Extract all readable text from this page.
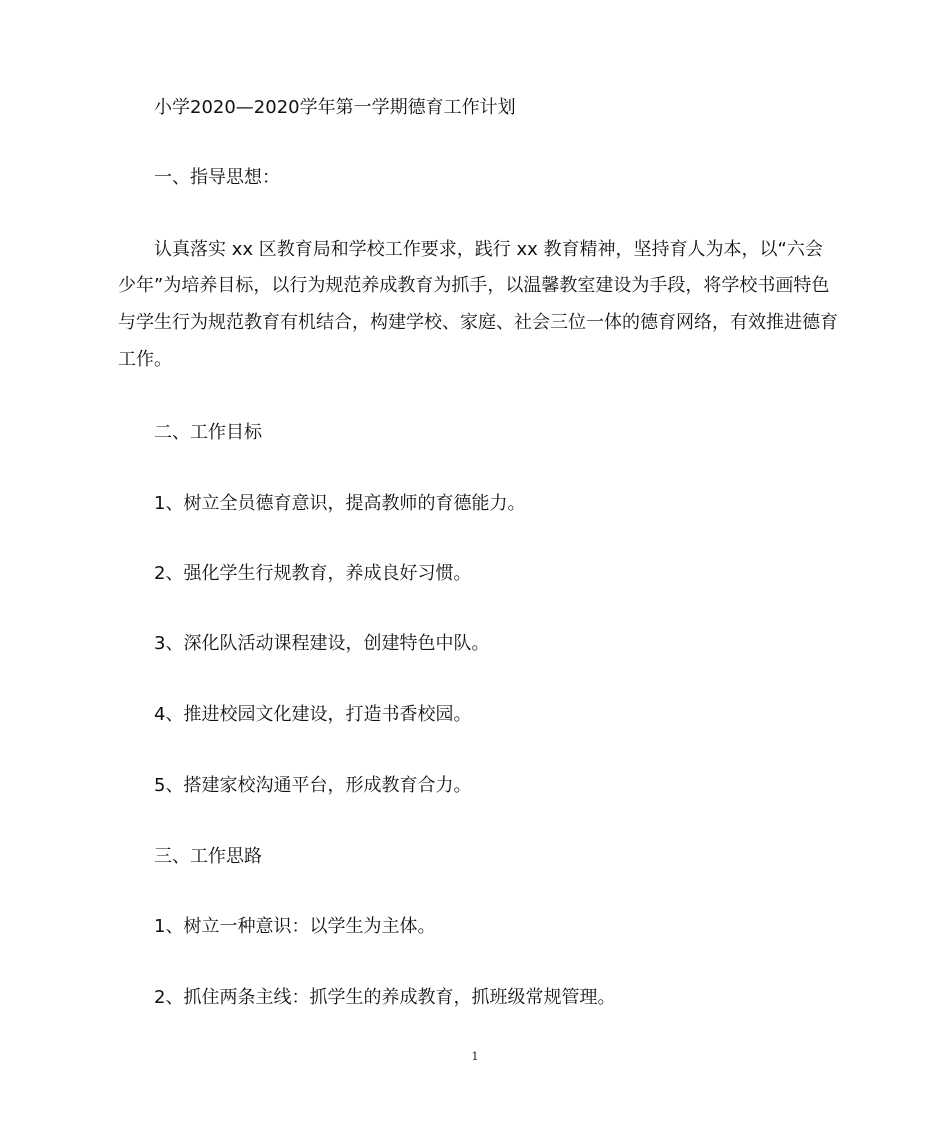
小学2020—2020学年第一学期德育工作计划
一、指导思想：
认真落实 xx 区教育局和学校工作要求，践行 xx 教育精神，坚持育人为本，以“六会
少年”为培养目标，以行为规范养成教育为抓手，以温馨教室建设为手段，将学校书画特色
与学生行为规范教育有机结合，构建学校、家庭、社会三位一体的德育网络，有效推进德育
工作。
二、工作目标
1、树立全员德育意识，提高教师的育德能力。
2、强化学生行规教育，养成良好习惯。
3、深化队活动课程建设，创建特色中队。
4、推进校园文化建设，打造书香校园。
5、搭建家校沟通平台，形成教育合力。
三、工作思路
1、树立一种意识：以学生为主体。
2、抓住两条主线：抓学生的养成教育，抓班级常规管理。
1
